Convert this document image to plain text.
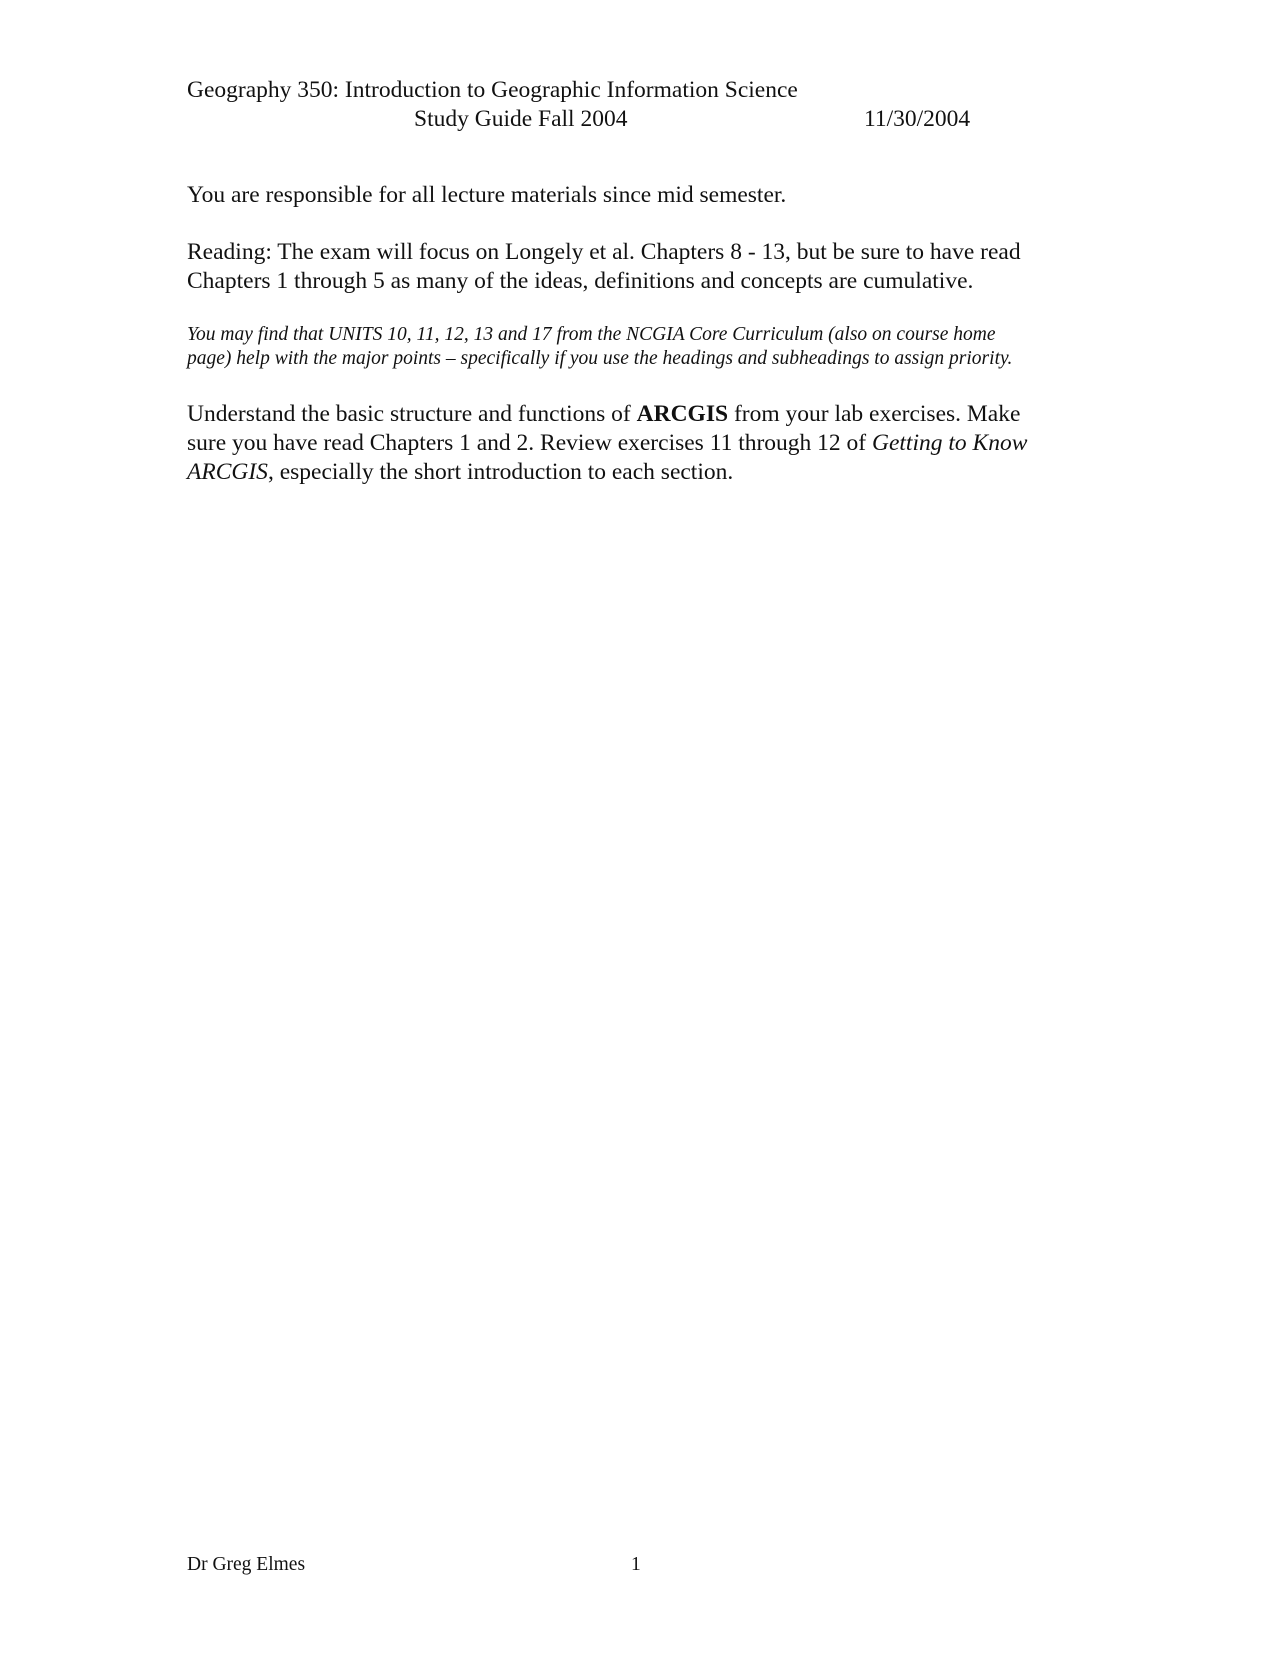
Geography 350: Introduction to Geographic Information Science
Study Guide Fall 2004	11/30/2004
You are responsible for all lecture materials since mid semester.
Reading: The exam will focus on Longely et al. Chapters 8 - 13, but be sure to have read
Chapters 1 through 5 as many of the ideas, definitions and concepts are cumulative.
You may find that UNITS 10, 11, 12, 13 and 17 from the NCGIA Core Curriculum (also on course home
page) help with the major points – specifically if you use the headings and subheadings to assign priority.
Understand the basic structure and functions of ARCGIS from your lab exercises. Make
sure you have read Chapters 1 and 2. Review exercises 11 through 12 of Getting to Know
ARCGIS, especially the short introduction to each section.
Dr Greg Elmes	1
